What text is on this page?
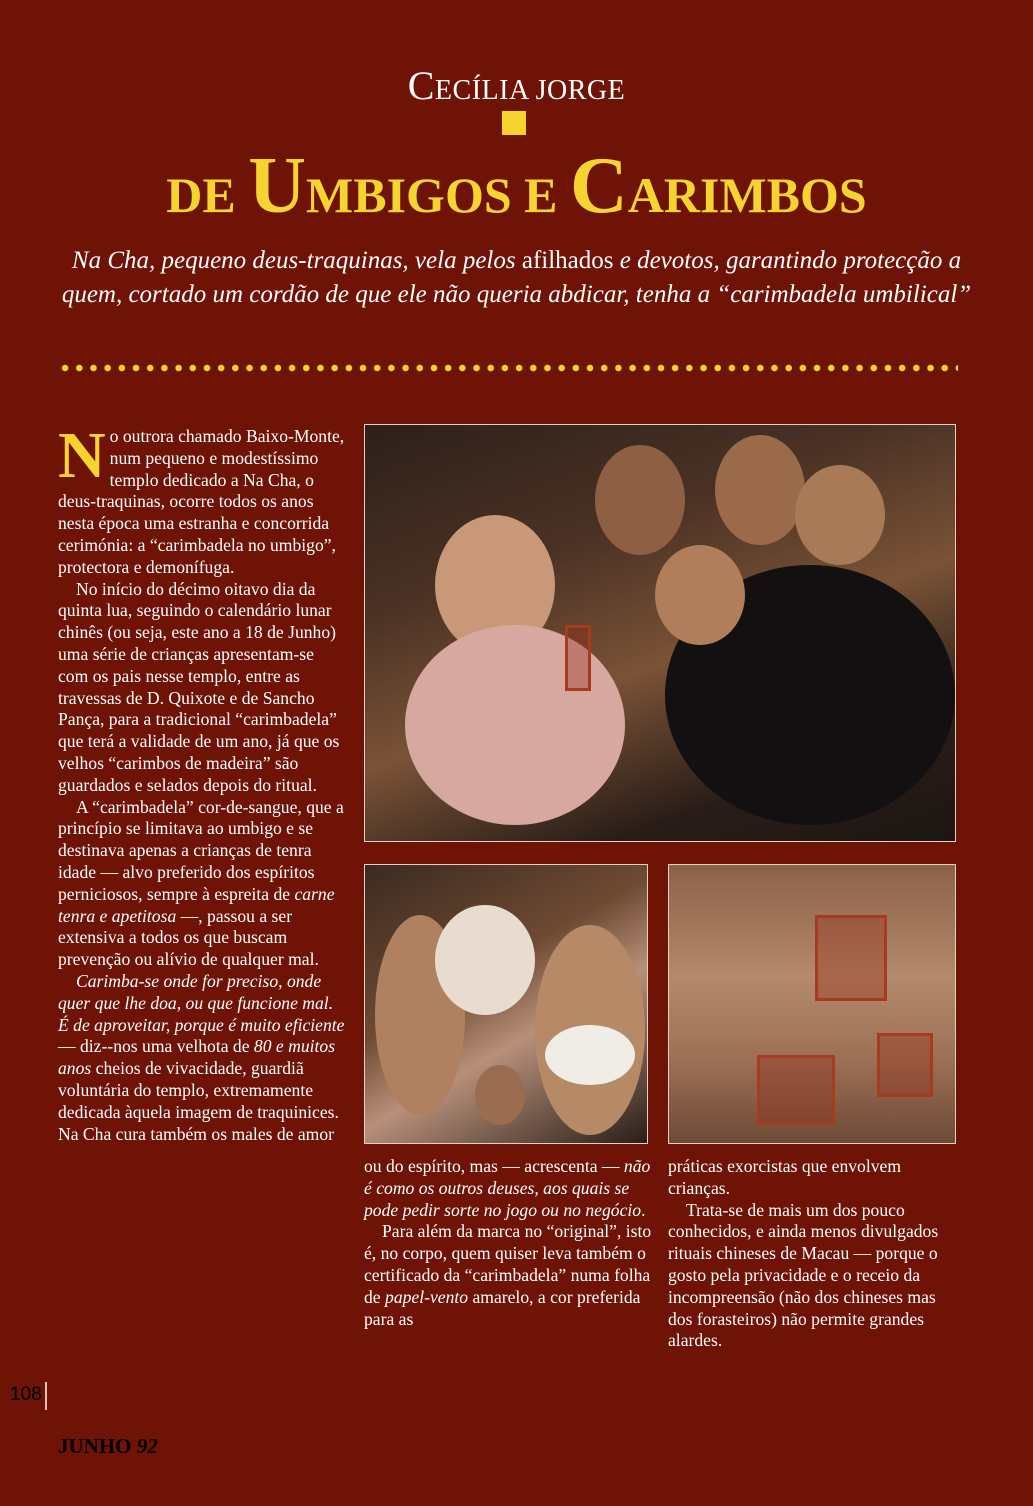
CECÍLIA JORGE
DE UMBIGOS E CARIMBOS
Na Cha, pequeno deus-traquinas, vela pelos afilhados e devotos, garantindo protecção a quem, cortado um cordão de que ele não queria abdicar, tenha a “carimbadela umbilical”

No outrora chamado Baixo-Monte, num pequeno e modestíssimo templo dedicado a Na Cha, o deus-traquinas, ocorre todos os anos nesta época uma estranha e concorrida cerimónia: a “carimbadela no umbigo”, protectora e demonífuga.

No início do décimo oitavo dia da quinta lua, seguindo o calendário lunar chinês (ou seja, este ano a 18 de Junho) uma série de crianças apresentam-se com os pais nesse templo, entre as travessas de D. Quixote e de Sancho Pança, para a tradicional “carimbadela” que terá a validade de um ano, já que os velhos “carimbos de madeira” são guardados e selados depois do ritual.

A “carimbadela” cor-de-sangue, que a princípio se limitava ao umbigo e se destinava apenas a crianças de tenra idade — alvo preferido dos espíritos perniciosos, sempre à espreita de carne tenra e apetitosa —, passou a ser extensiva a todos os que buscam prevenção ou alívio de qualquer mal.

Carimba-se onde for preciso, onde quer que lhe doa, ou que funcione mal. É de aproveitar, porque é muito eficiente — diz--nos uma velhota de 80 e muitos anos cheios de vivacidade, guardiã voluntária do templo, extremamente dedicada àquela imagem de traquinices. Na Cha cura também os males de amor

ou do espírito, mas — acrescenta — não é como os outros deuses, aos quais se pode pedir sorte no jogo ou no negócio.

Para além da marca no “original”, isto é, no corpo, quem quiser leva também o certificado da “carimbadela” numa folha de papel-vento amarelo, a cor preferida para as

práticas exorcistas que envolvem crianças.

Trata-se de mais um dos pouco conhecidos, e ainda menos divulgados rituais chineses de Macau — porque o gosto pela privacidade e o receio da incompreensão (não dos chineses mas dos forasteiros) não permite grandes alardes.

108
JUNHO 92
